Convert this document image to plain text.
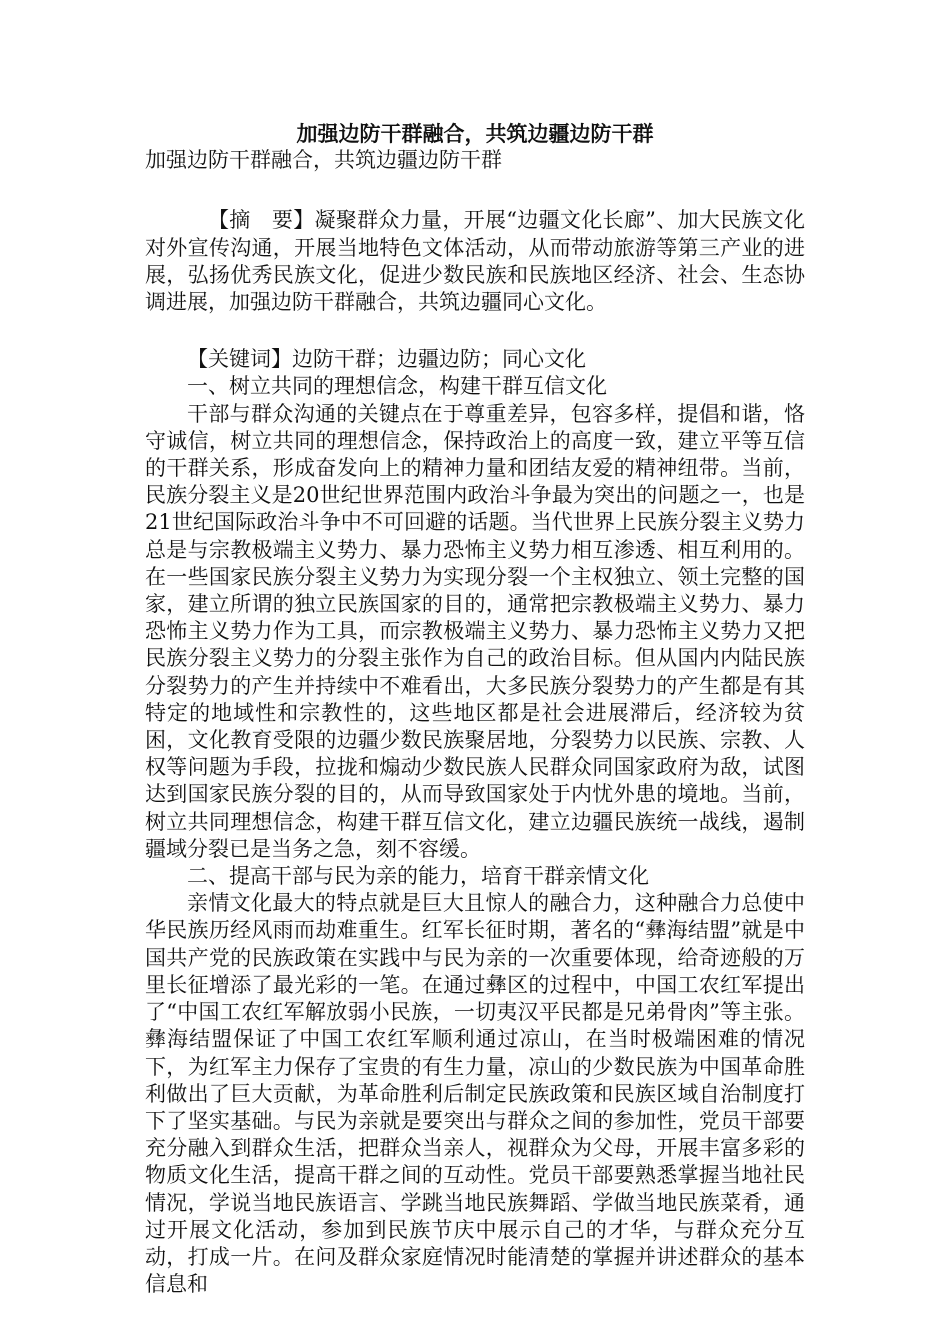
加强边防干群融合，共筑边疆边防干群

加强边防干群融合，共筑边疆边防干群

【摘　要】凝聚群众力量，开展“边疆文化长廊”、加大民族文化对外宣传沟通，开展当地特色文体活动，从而带动旅游等第三产业的进展，弘扬优秀民族文化，促进少数民族和民族地区经济、社会、生态协调进展，加强边防干群融合，共筑边疆同心文化。

【关键词】边防干群；边疆边防；同心文化

一、树立共同的理想信念，构建干群互信文化

干部与群众沟通的关键点在于尊重差异，包容多样，提倡和谐，恪守诚信，树立共同的理想信念，保持政治上的高度一致，建立平等互信的干群关系，形成奋发向上的精神力量和团结友爱的精神纽带。当前，民族分裂主义是20世纪世界范围内政治斗争最为突出的问题之一，也是21世纪国际政治斗争中不可回避的话题。当代世界上民族分裂主义势力总是与宗教极端主义势力、暴力恐怖主义势力相互渗透、相互利用的。在一些国家民族分裂主义势力为实现分裂一个主权独立、领土完整的国家，建立所谓的独立民族国家的目的，通常把宗教极端主义势力、暴力恐怖主义势力作为工具，而宗教极端主义势力、暴力恐怖主义势力又把民族分裂主义势力的分裂主张作为自己的政治目标。但从国内内陆民族分裂势力的产生并持续中不难看出，大多民族分裂势力的产生都是有其特定的地域性和宗教性的，这些地区都是社会进展滞后，经济较为贫困，文化教育受限的边疆少数民族聚居地，分裂势力以民族、宗教、人权等问题为手段，拉拢和煽动少数民族人民群众同国家政府为敌，试图达到国家民族分裂的目的，从而导致国家处于内忧外患的境地。当前，树立共同理想信念，构建干群互信文化，建立边疆民族统一战线，遏制疆域分裂已是当务之急，刻不容缓。

二、提高干部与民为亲的能力，培育干群亲情文化

亲情文化最大的特点就是巨大且惊人的融合力，这种融合力总使中华民族历经风雨而劫难重生。红军长征时期，著名的“彝海结盟”就是中国共产党的民族政策在实践中与民为亲的一次重要体现，给奇迹般的万里长征增添了最光彩的一笔。在通过彝区的过程中，中国工农红军提出了“中国工农红军解放弱小民族，一切夷汉平民都是兄弟骨肉”等主张。彝海结盟保证了中国工农红军顺利通过凉山，在当时极端困难的情况下，为红军主力保存了宝贵的有生力量，凉山的少数民族为中国革命胜利做出了巨大贡献，为革命胜利后制定民族政策和民族区域自治制度打下了坚实基础。与民为亲就是要突出与群众之间的参加性，党员干部要充分融入到群众生活，把群众当亲人，视群众为父母，开展丰富多彩的物质文化生活，提高干群之间的互动性。党员干部要熟悉掌握当地社民情况，学说当地民族语言、学跳当地民族舞蹈、学做当地民族菜肴，通过开展文化活动，参加到民族节庆中展示自己的才华，与群众充分互动，打成一片。在问及群众家庭情况时能清楚的掌握并讲述群众的基本信息和
